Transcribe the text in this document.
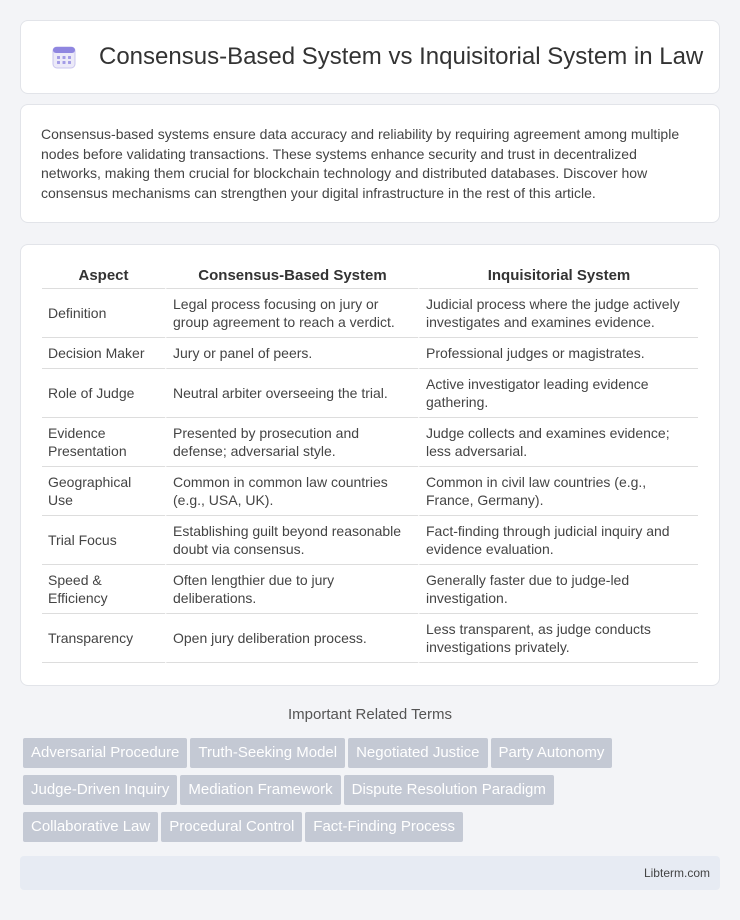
Consensus-Based System vs Inquisitorial System in Law

Consensus-based systems ensure data accuracy and reliability by requiring agreement among multiple nodes before validating transactions. These systems enhance security and trust in decentralized networks, making them crucial for blockchain technology and distributed databases. Discover how consensus mechanisms can strengthen your digital infrastructure in the rest of this article.

Aspect	Consensus-Based System	Inquisitorial System
Definition	Legal process focusing on jury or group agreement to reach a verdict.	Judicial process where the judge actively investigates and examines evidence.
Decision Maker	Jury or panel of peers.	Professional judges or magistrates.
Role of Judge	Neutral arbiter overseeing the trial.	Active investigator leading evidence gathering.
Evidence Presentation	Presented by prosecution and defense; adversarial style.	Judge collects and examines evidence; less adversarial.
Geographical Use	Common in common law countries (e.g., USA, UK).	Common in civil law countries (e.g., France, Germany).
Trial Focus	Establishing guilt beyond reasonable doubt via consensus.	Fact-finding through judicial inquiry and evidence evaluation.
Speed & Efficiency	Often lengthier due to jury deliberations.	Generally faster due to judge-led investigation.
Transparency	Open jury deliberation process.	Less transparent, as judge conducts investigations privately.
Important Related Terms
Adversarial Procedure Truth-Seeking Model Negotiated Justice Party Autonomy
Judge-Driven Inquiry Mediation Framework Dispute Resolution Paradigm
Collaborative Law Procedural Control Fact-Finding Process
Libterm.com
